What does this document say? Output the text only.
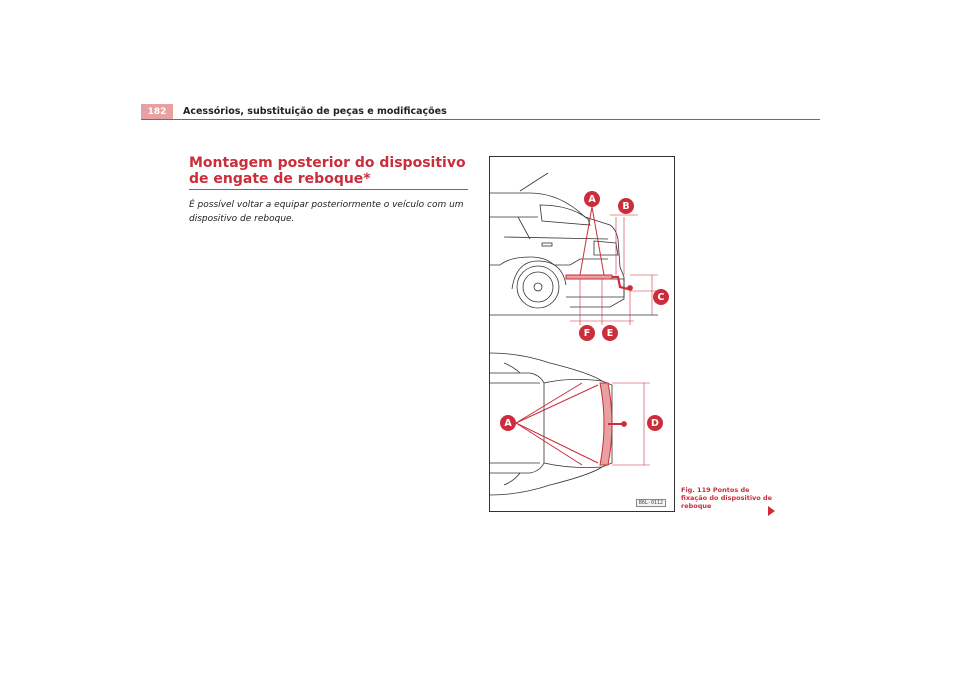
182	Acessórios, substituição de peças e modificações
Montagem posterior do dispositivo de engate de reboque*

É possível voltar a equipar posteriormente o veículo com um dispositivo de reboque.

A
B
C
F	E
A	D
B6L-0112
Fig. 119 Pontos de fixação do dispositivo de reboque
